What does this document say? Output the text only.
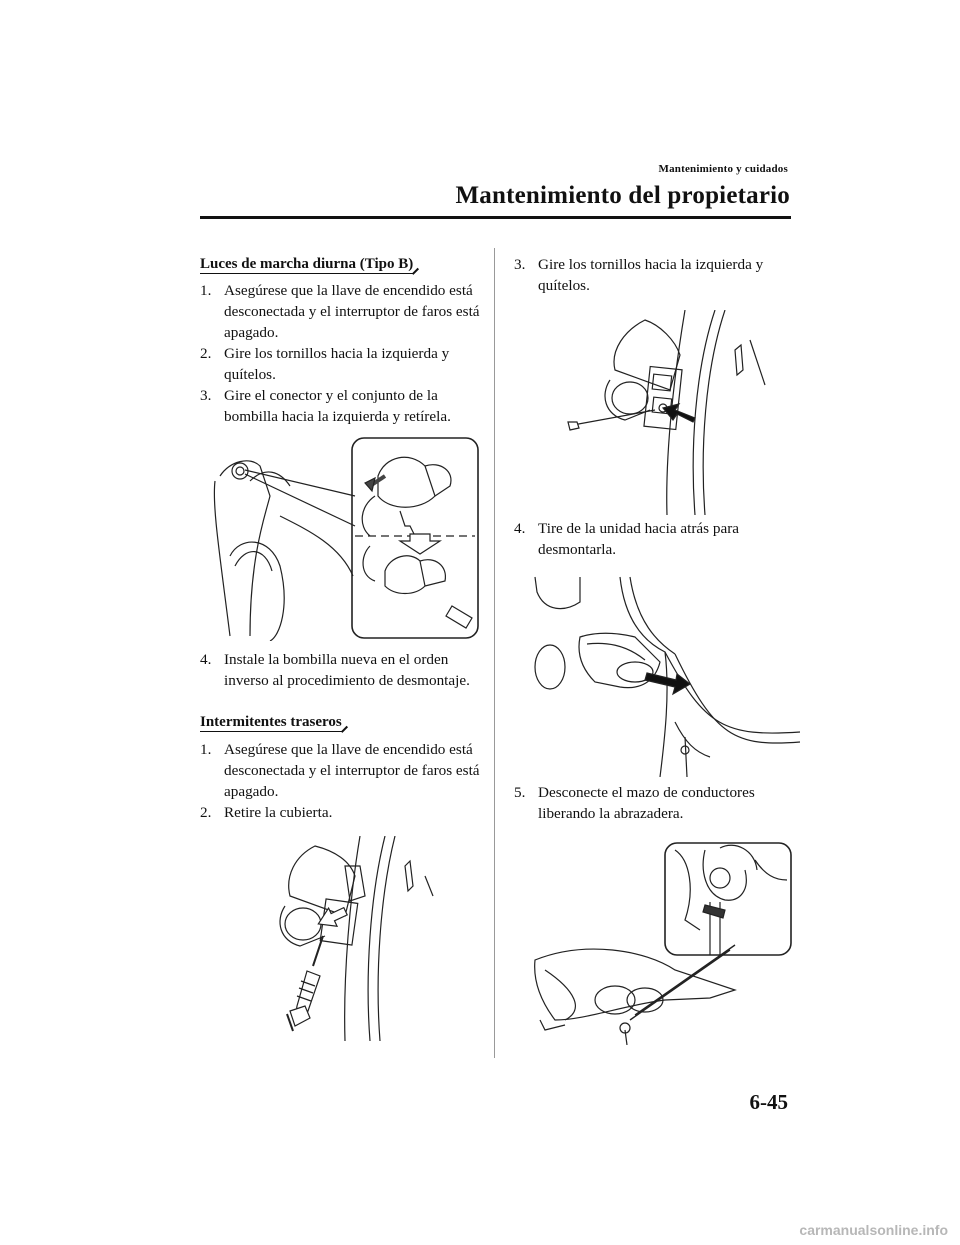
Mantenimiento y cuidados
Mantenimiento del propietario
Luces de marcha diurna (Tipo B)
1. Asegúrese que la llave de encendido está desconectada y el interruptor de faros está apagado.
2. Gire los tornillos hacia la izquierda y quítelos.
3. Gire el conector y el conjunto de la bombilla hacia la izquierda y retírela.
4. Instale la bombilla nueva en el orden inverso al procedimiento de desmontaje.
Intermitentes traseros
1. Asegúrese que la llave de encendido está desconectada y el interruptor de faros está apagado.
2. Retire la cubierta.
3. Gire los tornillos hacia la izquierda y quítelos.
4. Tire de la unidad hacia atrás para desmontarla.
5. Desconecte el mazo de conductores liberando la abrazadera.
6-45
carmanualsonline.info
